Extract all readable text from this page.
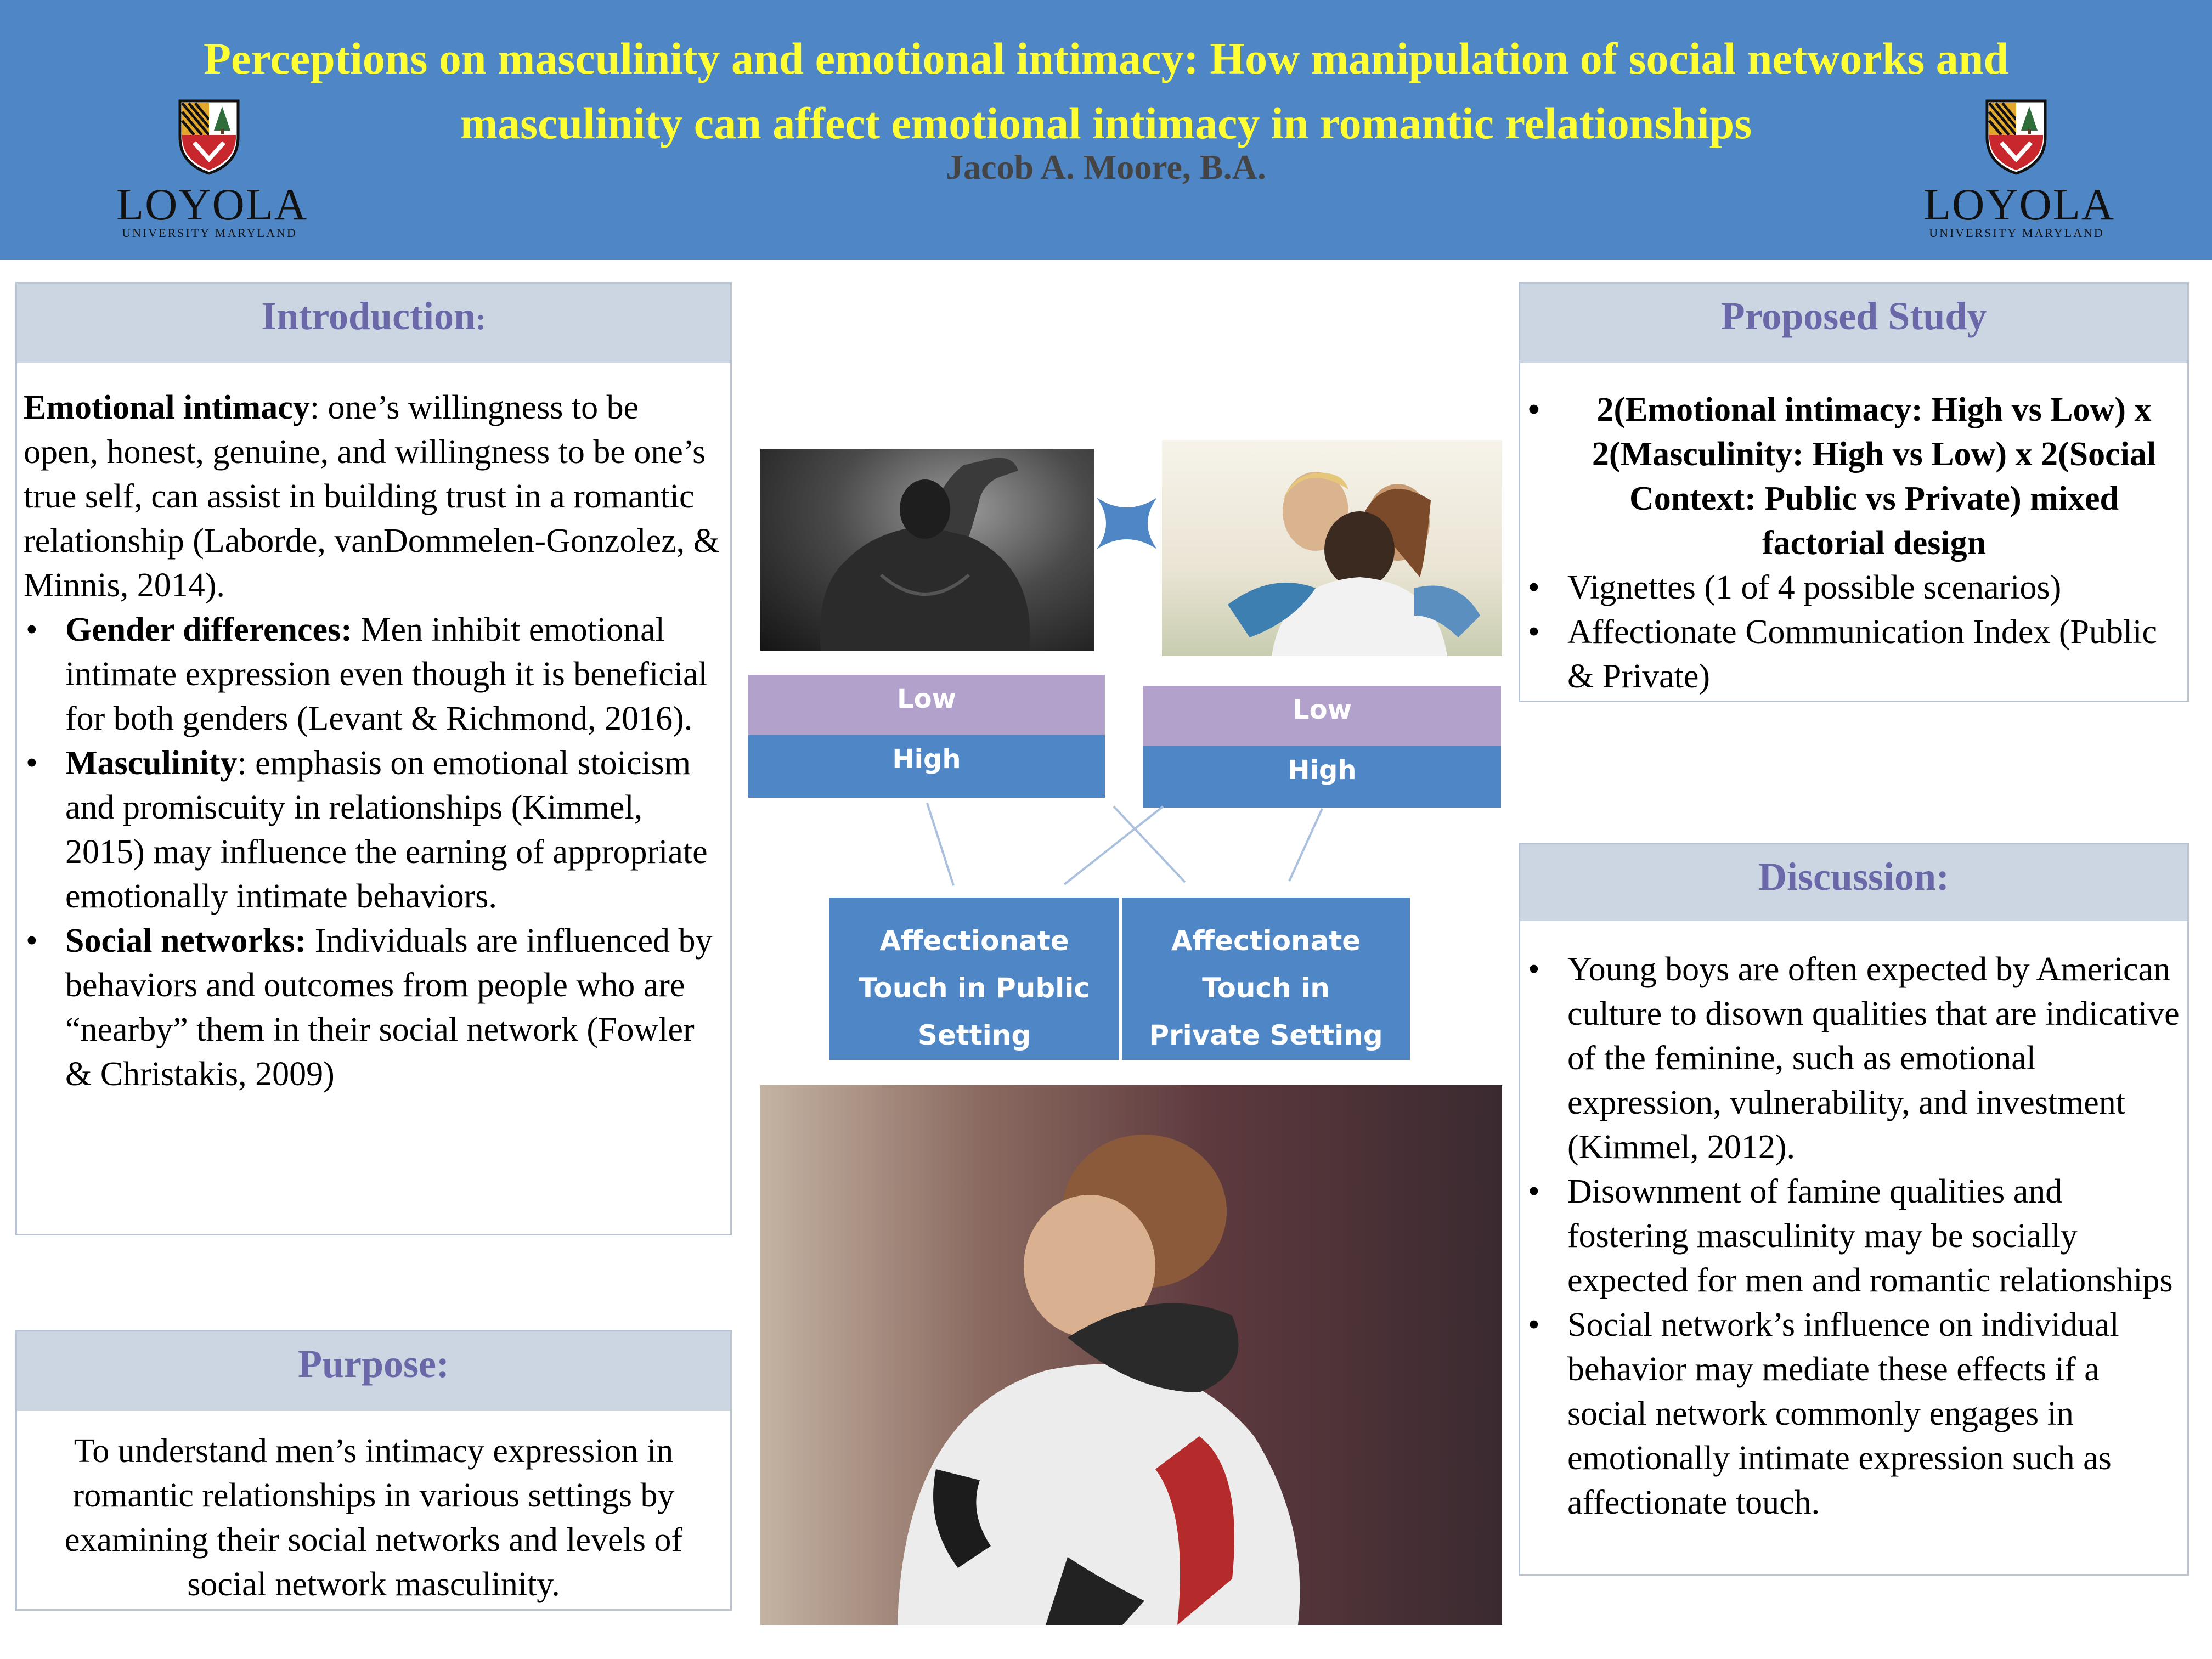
Perceptions on masculinity and emotional intimacy: How manipulation of social networks and masculinity can affect emotional intimacy in romantic relationships
Jacob A. Moore, B.A.
LOYOLA
UNIVERSITY MARYLAND
LOYOLA
UNIVERSITY MARYLAND
Introduction:
Emotional intimacy: one’s willingness to be open, honest, genuine, and willingness to be one’s true self, can assist in building trust in a romantic relationship (Laborde, vanDommelen-Gonzolez, & Minnis, 2014).
• Gender differences: Men inhibit emotional intimate expression even though it is beneficial for both genders (Levant & Richmond, 2016).
• Masculinity: emphasis on emotional stoicism and promiscuity in relationships (Kimmel, 2015) may influence the earning of appropriate emotionally intimate behaviors.
• Social networks: Individuals are influenced by behaviors and outcomes from people who are “nearby” them in their social network (Fowler & Christakis, 2009)
Purpose:
To understand men’s intimacy expression in romantic relationships in various settings by examining their social networks and levels of social network masculinity.
Low
High
Low
High
Affectionate Touch in Public Setting
Affectionate Touch in Private Setting
Proposed Study
• 2(Emotional intimacy: High vs Low) x 2(Masculinity: High vs Low) x 2(Social Context: Public vs Private) mixed factorial design
• Vignettes (1 of 4 possible scenarios)
• Affectionate Communication Index (Public & Private)
Discussion:
• Young boys are often expected by American culture to disown qualities that are indicative of the feminine, such as emotional expression, vulnerability, and investment (Kimmel, 2012).
• Disownment of famine qualities and fostering masculinity may be socially expected for men and romantic relationships
• Social network’s influence on individual behavior may mediate these effects if a social network commonly engages in emotionally intimate expression such as affectionate touch.
